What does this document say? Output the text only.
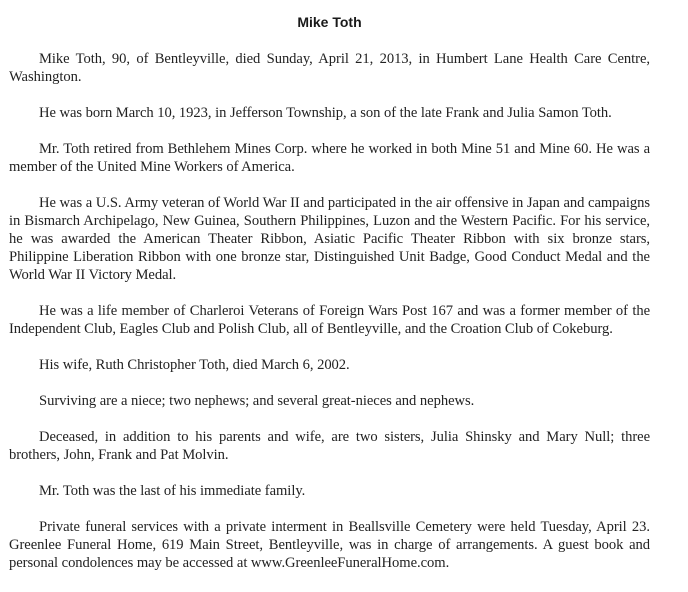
Mike Toth

Mike Toth, 90, of Bentleyville, died Sunday, April 21, 2013, in Humbert Lane Health Care Centre, Washington.

He was born March 10, 1923, in Jefferson Township, a son of the late Frank and Julia Samon Toth.

Mr. Toth retired from Bethlehem Mines Corp. where he worked in both Mine 51 and Mine 60. He was a member of the United Mine Workers of America.

He was a U.S. Army veteran of World War II and participated in the air offensive in Japan and campaigns in Bismarch Archipelago, New Guinea, Southern Philippines, Luzon and the Western Pacific. For his service, he was awarded the American Theater Ribbon, Asiatic Pacific Theater Ribbon with six bronze stars, Philippine Liberation Ribbon with one bronze star, Distinguished Unit Badge, Good Conduct Medal and the World War II Victory Medal.

He was a life member of Charleroi Veterans of Foreign Wars Post 167 and was a former member of the Independent Club, Eagles Club and Polish Club, all of Bentleyville, and the Croation Club of Cokeburg.

His wife, Ruth Christopher Toth, died March 6, 2002.

Surviving are a niece; two nephews; and several great-nieces and nephews.

Deceased, in addition to his parents and wife, are two sisters, Julia Shinsky and Mary Null; three brothers, John, Frank and Pat Molvin.

Mr. Toth was the last of his immediate family.

Private funeral services with a private interment in Beallsville Cemetery were held Tuesday, April 23. Greenlee Funeral Home, 619 Main Street, Bentleyville, was in charge of arrangements. A guest book and personal condolences may be accessed at www.GreenleeFuneralHome.com.
